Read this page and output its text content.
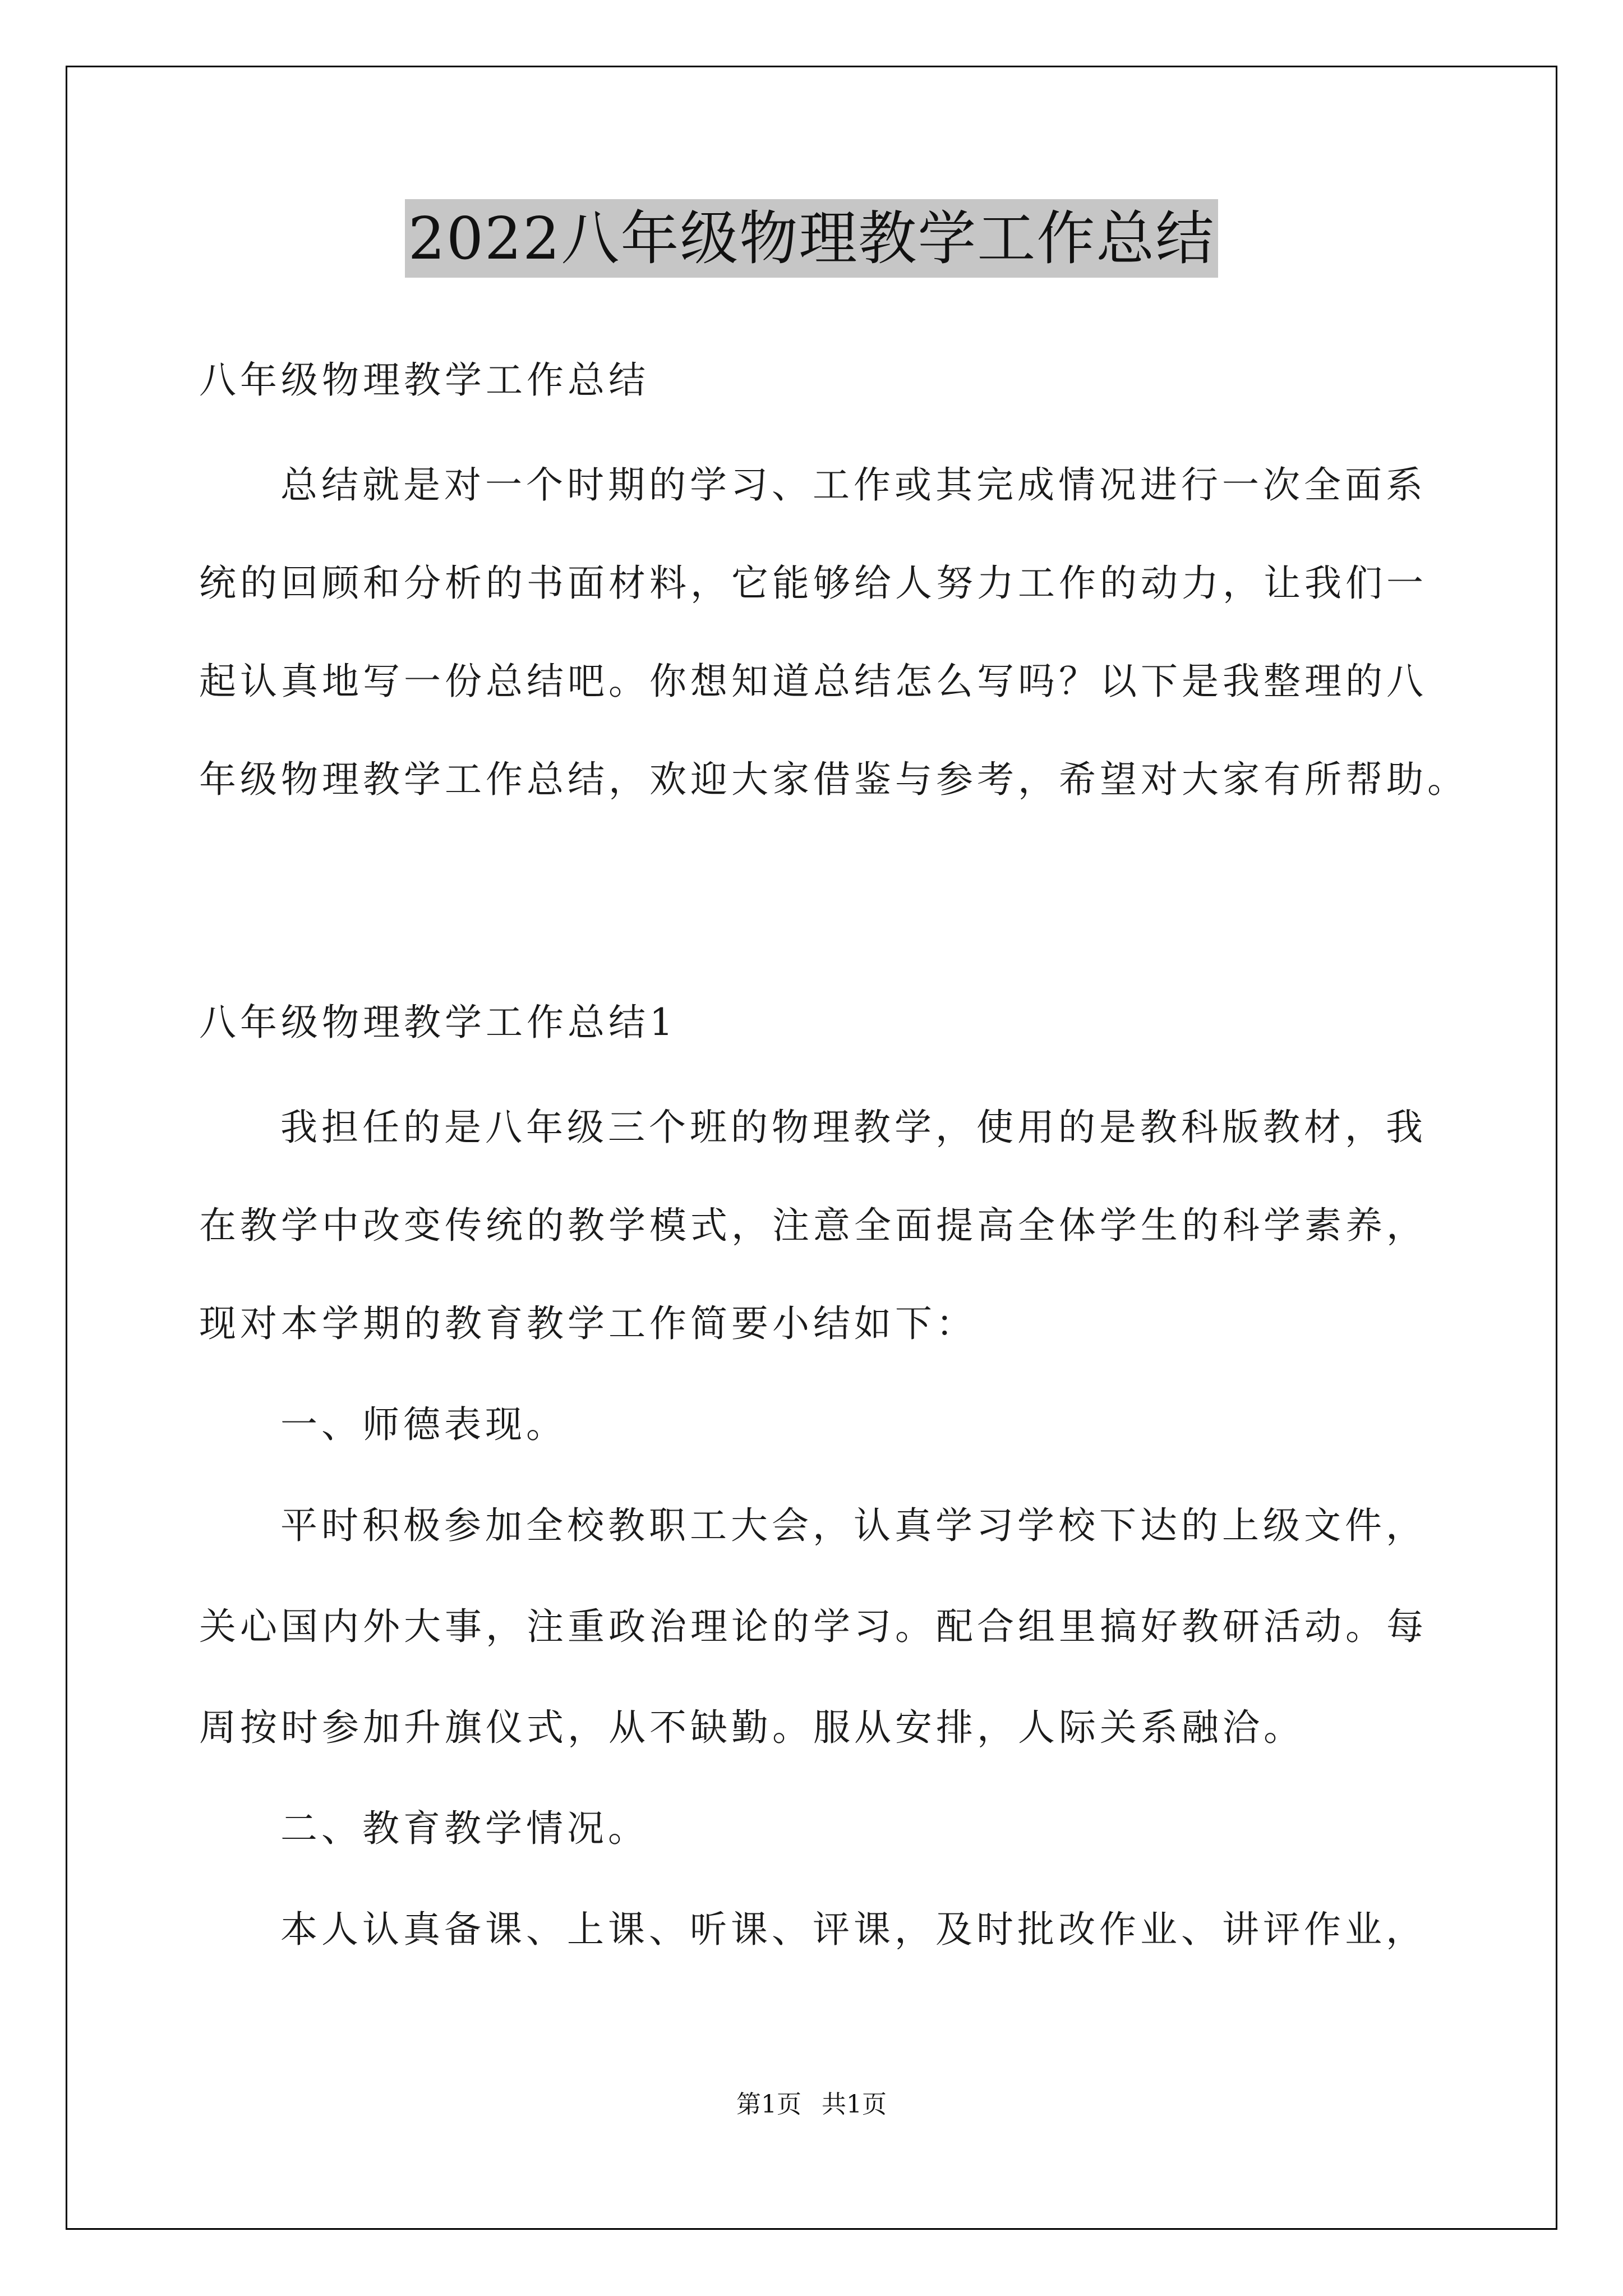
2022八年级物理教学工作总结
八年级物理教学工作总结
总结就是对一个时期的学习、工作或其完成情况进行一次全面系
统的回顾和分析的书面材料，它能够给人努力工作的动力，让我们一
起认真地写一份总结吧。你想知道总结怎么写吗？以下是我整理的八
年级物理教学工作总结，欢迎大家借鉴与参考，希望对大家有所帮助。
八年级物理教学工作总结1
我担任的是八年级三个班的物理教学，使用的是教科版教材，我
在教学中改变传统的教学模式，注意全面提高全体学生的科学素养，
现对本学期的教育教学工作简要小结如下：
一、师德表现。
平时积极参加全校教职工大会，认真学习学校下达的上级文件，
关心国内外大事，注重政治理论的学习。配合组里搞好教研活动。每
周按时参加升旗仪式，从不缺勤。服从安排，人际关系融洽。
二、教育教学情况。
本人认真备课、上课、听课、评课，及时批改作业、讲评作业，
第1页 共1页
